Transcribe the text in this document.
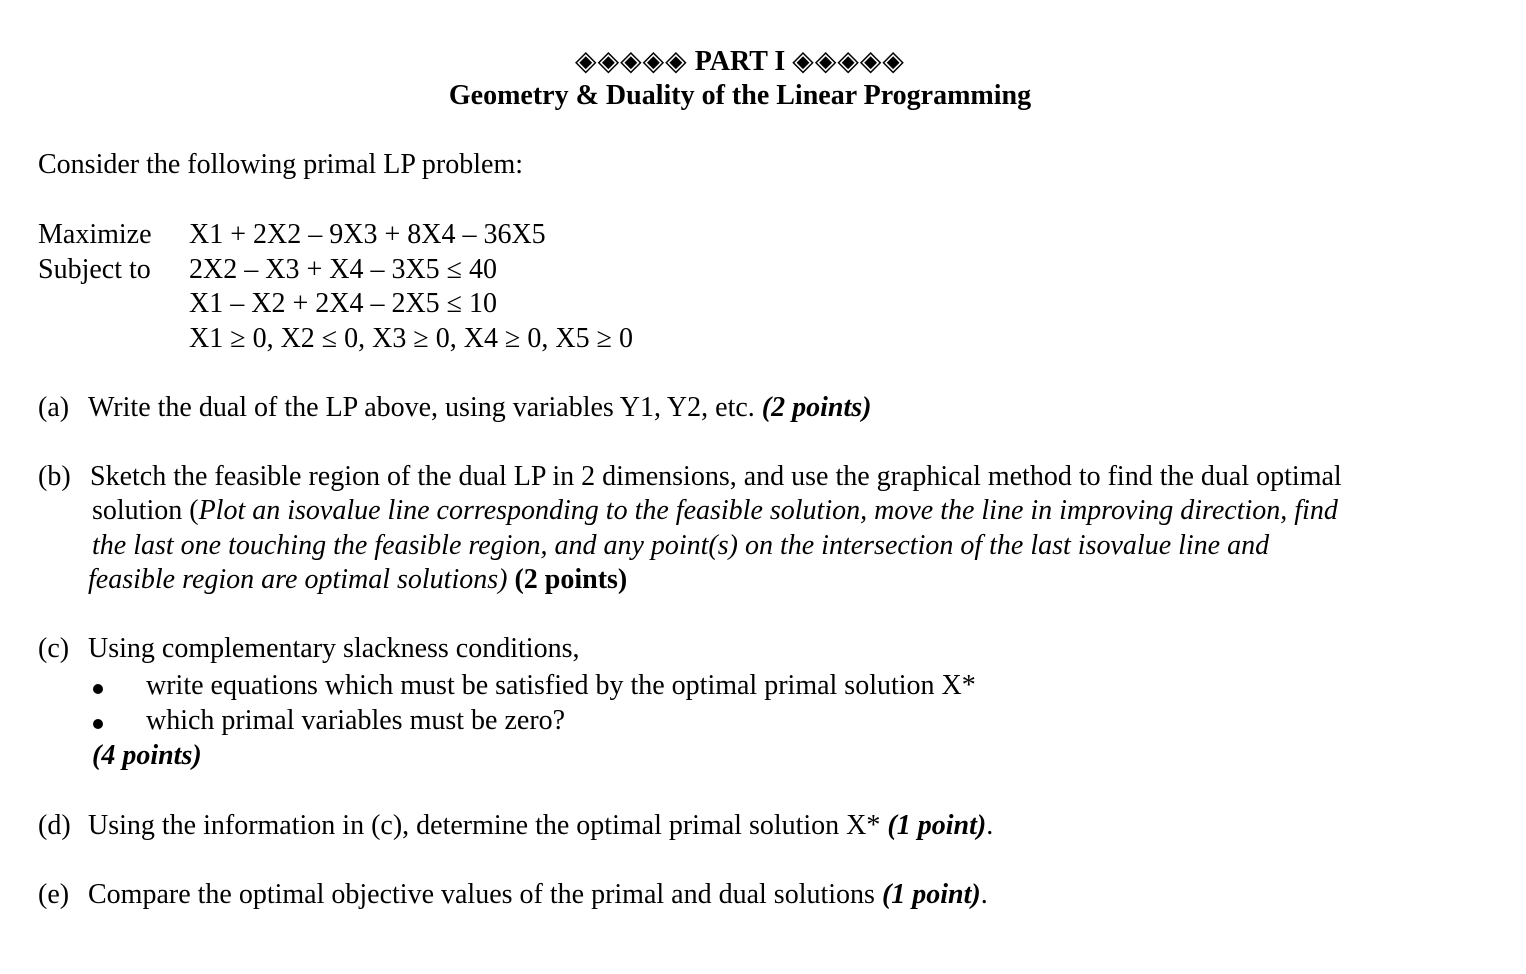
◈◈◈◈◈ PART I ◈◈◈◈◈
Geometry & Duality of the Linear Programming
Consider the following primal LP problem:
Maximize X1 + 2X2 – 9X3 + 8X4 – 36X5
Subject to 2X2 – X3 + X4 – 3X5 ≤ 40
X1 – X2 + 2X4 – 2X5 ≤ 10
X1 ≥ 0, X2 ≤ 0, X3 ≥ 0, X4 ≥ 0, X5 ≥ 0
(a) Write the dual of the LP above, using variables Y1, Y2, etc. (2 points)
(b) Sketch the feasible region of the dual LP in 2 dimensions, and use the graphical method to find the dual optimal
solution (Plot an isovalue line corresponding to the feasible solution, move the line in improving direction, find
the last one touching the feasible region, and any point(s) on the intersection of the last isovalue line and
feasible region are optimal solutions) (2 points)
(c) Using complementary slackness conditions,
write equations which must be satisfied by the optimal primal solution X*
which primal variables must be zero?
(4 points)
(d) Using the information in (c), determine the optimal primal solution X* (1 point).
(e) Compare the optimal objective values of the primal and dual solutions (1 point).
